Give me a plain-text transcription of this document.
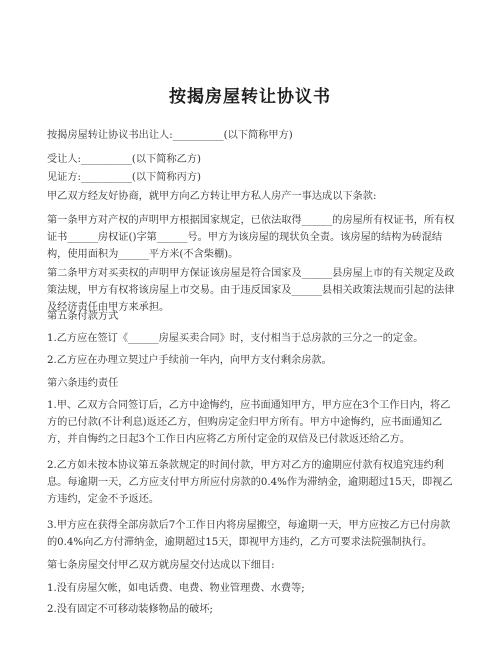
按揭房屋转让协议书
按揭房屋转让协议书出让人:__________(以下简称甲方)
受让人:__________(以下简称乙方)
见证方:__________(以下简称丙方)
甲乙双方经友好协商，就甲方向乙方转让甲方私人房产一事达成以下条款:
第一条甲方对产权的声明甲方根据国家规定，已依法取得______的房屋所有权证书，所有权证书______房权证()字第______号。甲方为该房屋的现状负全责。该房屋的结构为砖混结构，使用面积为______平方米(不含柴棚)。
第二条甲方对买卖权的声明甲方保证该房屋是符合国家及______县房屋上市的有关规定及政策法规，甲方有权将该房屋上市交易。由于违反国家及______县相关政策法规而引起的法律及经济责任由甲方来承担。
第五条付款方式
1.乙方应在签订《______房屋买卖合同》时，支付相当于总房款的三分之一的定金。
2.乙方应在办理立契过户手续前一年内，向甲方支付剩余房款。
第六条违约责任
1.甲、乙双方合同签订后，乙方中途悔约，应书面通知甲方，甲方应在3个工作日内，将乙方的已付款(不计利息)返还乙方，但购房定金归甲方所有。甲方中途悔约，应书面通知乙方，并自悔约之日起3个工作日内应将乙方所付定金的双倍及已付款返还给乙方。
2.乙方如未按本协议第五条款规定的时间付款，甲方对乙方的逾期应付款有权追究违约利息。每逾期一天，乙方应支付甲方所应付房款的0.4%作为滞纳金，逾期超过15天，即视乙方违约，定金不予返还。
3.甲方应在获得全部房款后7个工作日内将房屋搬空，每逾期一天，甲方应按乙方已付房款的0.4%向乙方付滞纳金，逾期超过15天，即视甲方违约，乙方可要求法院强制执行。
第七条房屋交付甲乙双方就房屋交付达成以下细目:
1.没有房屋欠帐，如电话费、电费、物业管理费、水费等;
2.没有固定不可移动装修物品的破坏;
